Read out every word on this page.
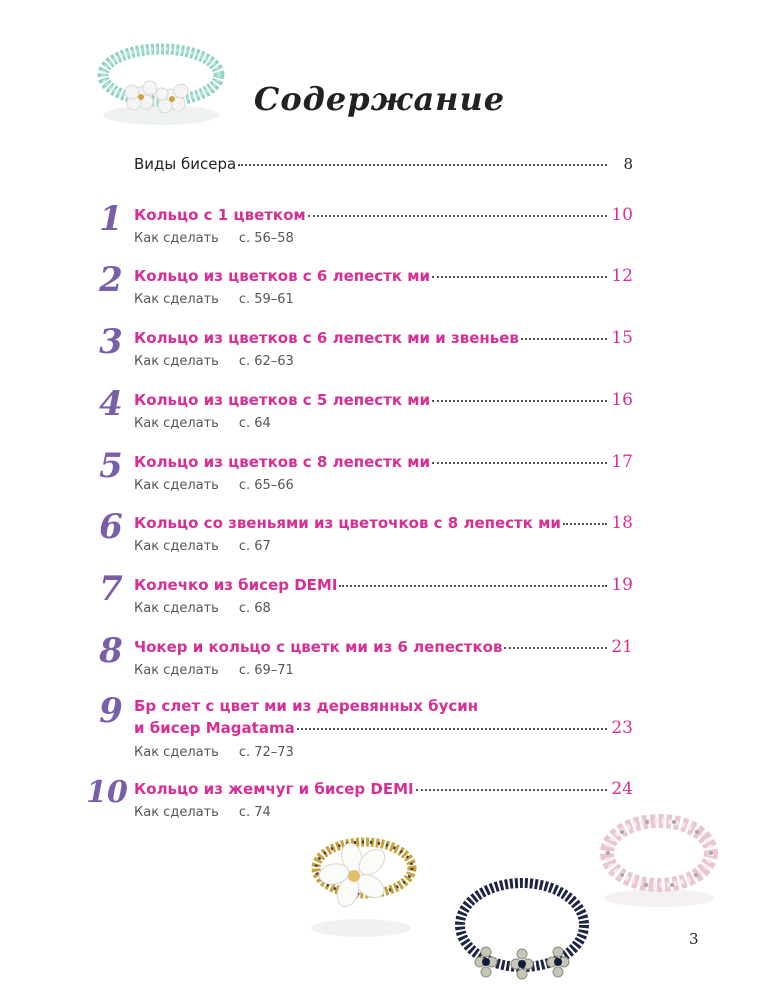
Содержание
Виды бисера	8
1 Кольцо с 1 цветком	10
Как сделать с. 56–58
2 Кольцо из цветков с 6 лепестк ми	12
Как сделать с. 59–61
3 Кольцо из цветков с 6 лепестк ми и звеньев	15
Как сделать с. 62–63
4 Кольцо из цветков с 5 лепестк ми	16
Как сделать с. 64
5 Кольцо из цветков с 8 лепестк ми	17
Как сделать с. 65–66
6 Кольцо со звеньями из цветочков с 8 лепестк ми	18
Как сделать с. 67
7 Колечко из бисер DEMI	19
Как сделать с. 68
8 Чокер и кольцо с цветк ми из 6 лепестков	21
Как сделать с. 69–71
9 Бр слет с цвет ми из деревянных бусин
и бисер Magatama	23
Как сделать с. 72–73
10 Кольцо из жемчуг и бисер DEMI	24
Как сделать с. 74
3
